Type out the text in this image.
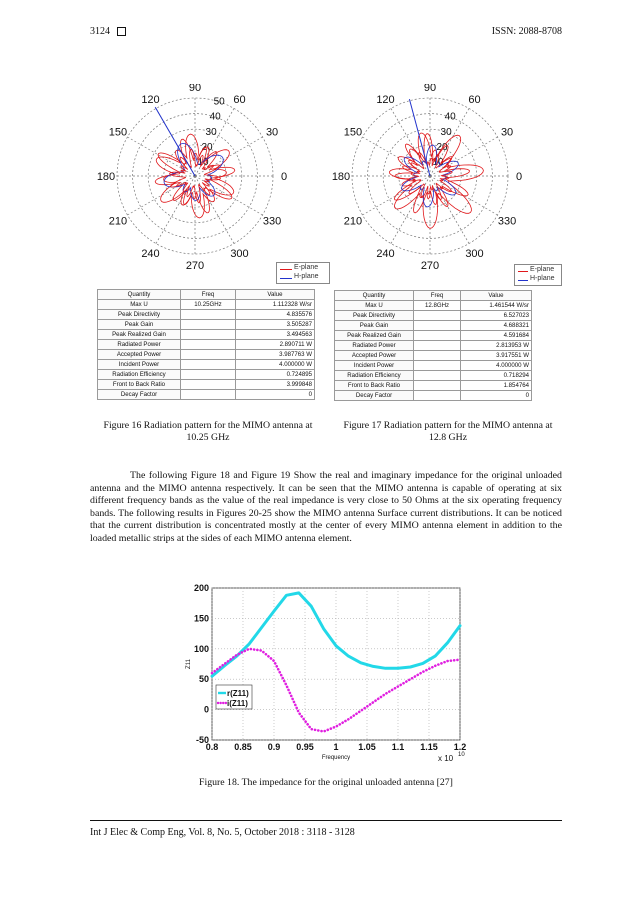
3124	ISSN: 2088-8708
0
30
60
90
120
150
180
210
240
270
300
330
10
20
30
40
50
0
30
60
90
120
150
180
210
240
270
300
330
10
20
30
40
E-plane
H-plane
E-plane
H-plane
Quantity	Freq	Value
Max U	10.25GHz	1.112328 W/sr
Peak Directivity		4.835576
Peak Gain		3.505287
Peak Realized Gain		3.494563
Radiated Power		2.890711 W
Accepted Power		3.987763 W
Incident Power		4.000000 W
Radiation Efficiency		0.724895
Front to Back Ratio		3.999848
Decay Factor		0
Quantity	Freq	Value
Max U	12.8GHz	1.461544 W/sr
Peak Directivity		6.527023
Peak Gain		4.688321
Peak Realized Gain		4.591684
Radiated Power		2.813953 W
Accepted Power		3.917551 W
Incident Power		4.000000 W
Radiation Efficiency		0.718294
Front to Back Ratio		1.854764
Decay Factor		0
Figure 16 Radiation pattern for the MIMO antenna at
10.25 GHz
Figure 17 Radiation pattern for the MIMO antenna at
12.8 GHz
The following Figure 18 and Figure 19 Show the real and imaginary impedance for the original unloaded antenna and the MIMO antenna respectively. It can be seen that the MIMO antenna is capable of operating at six different frequency bands as the value of the real impedance is very close to 50 Ohms at the six operating frequency bands. The following results in Figures 20-25 show the MIMO antenna Surface current distributions. It can be noticed that the current distribution is concentrated mostly at the center of every MIMO antenna element in addition to the loaded metallic strips at the sides of each MIMO antenna element.
0.8 0.85 0.9 0.95 1 1.05 1.1 1.15 1.2
-50
0
50
100
150
200
Frequency
Z11
x 10 10
r(Z11)
i(Z11)
Figure 18. The impedance for the original unloaded antenna [27]
Int J Elec & Comp Eng, Vol. 8, No. 5, October 2018 : 3118 - 3128
